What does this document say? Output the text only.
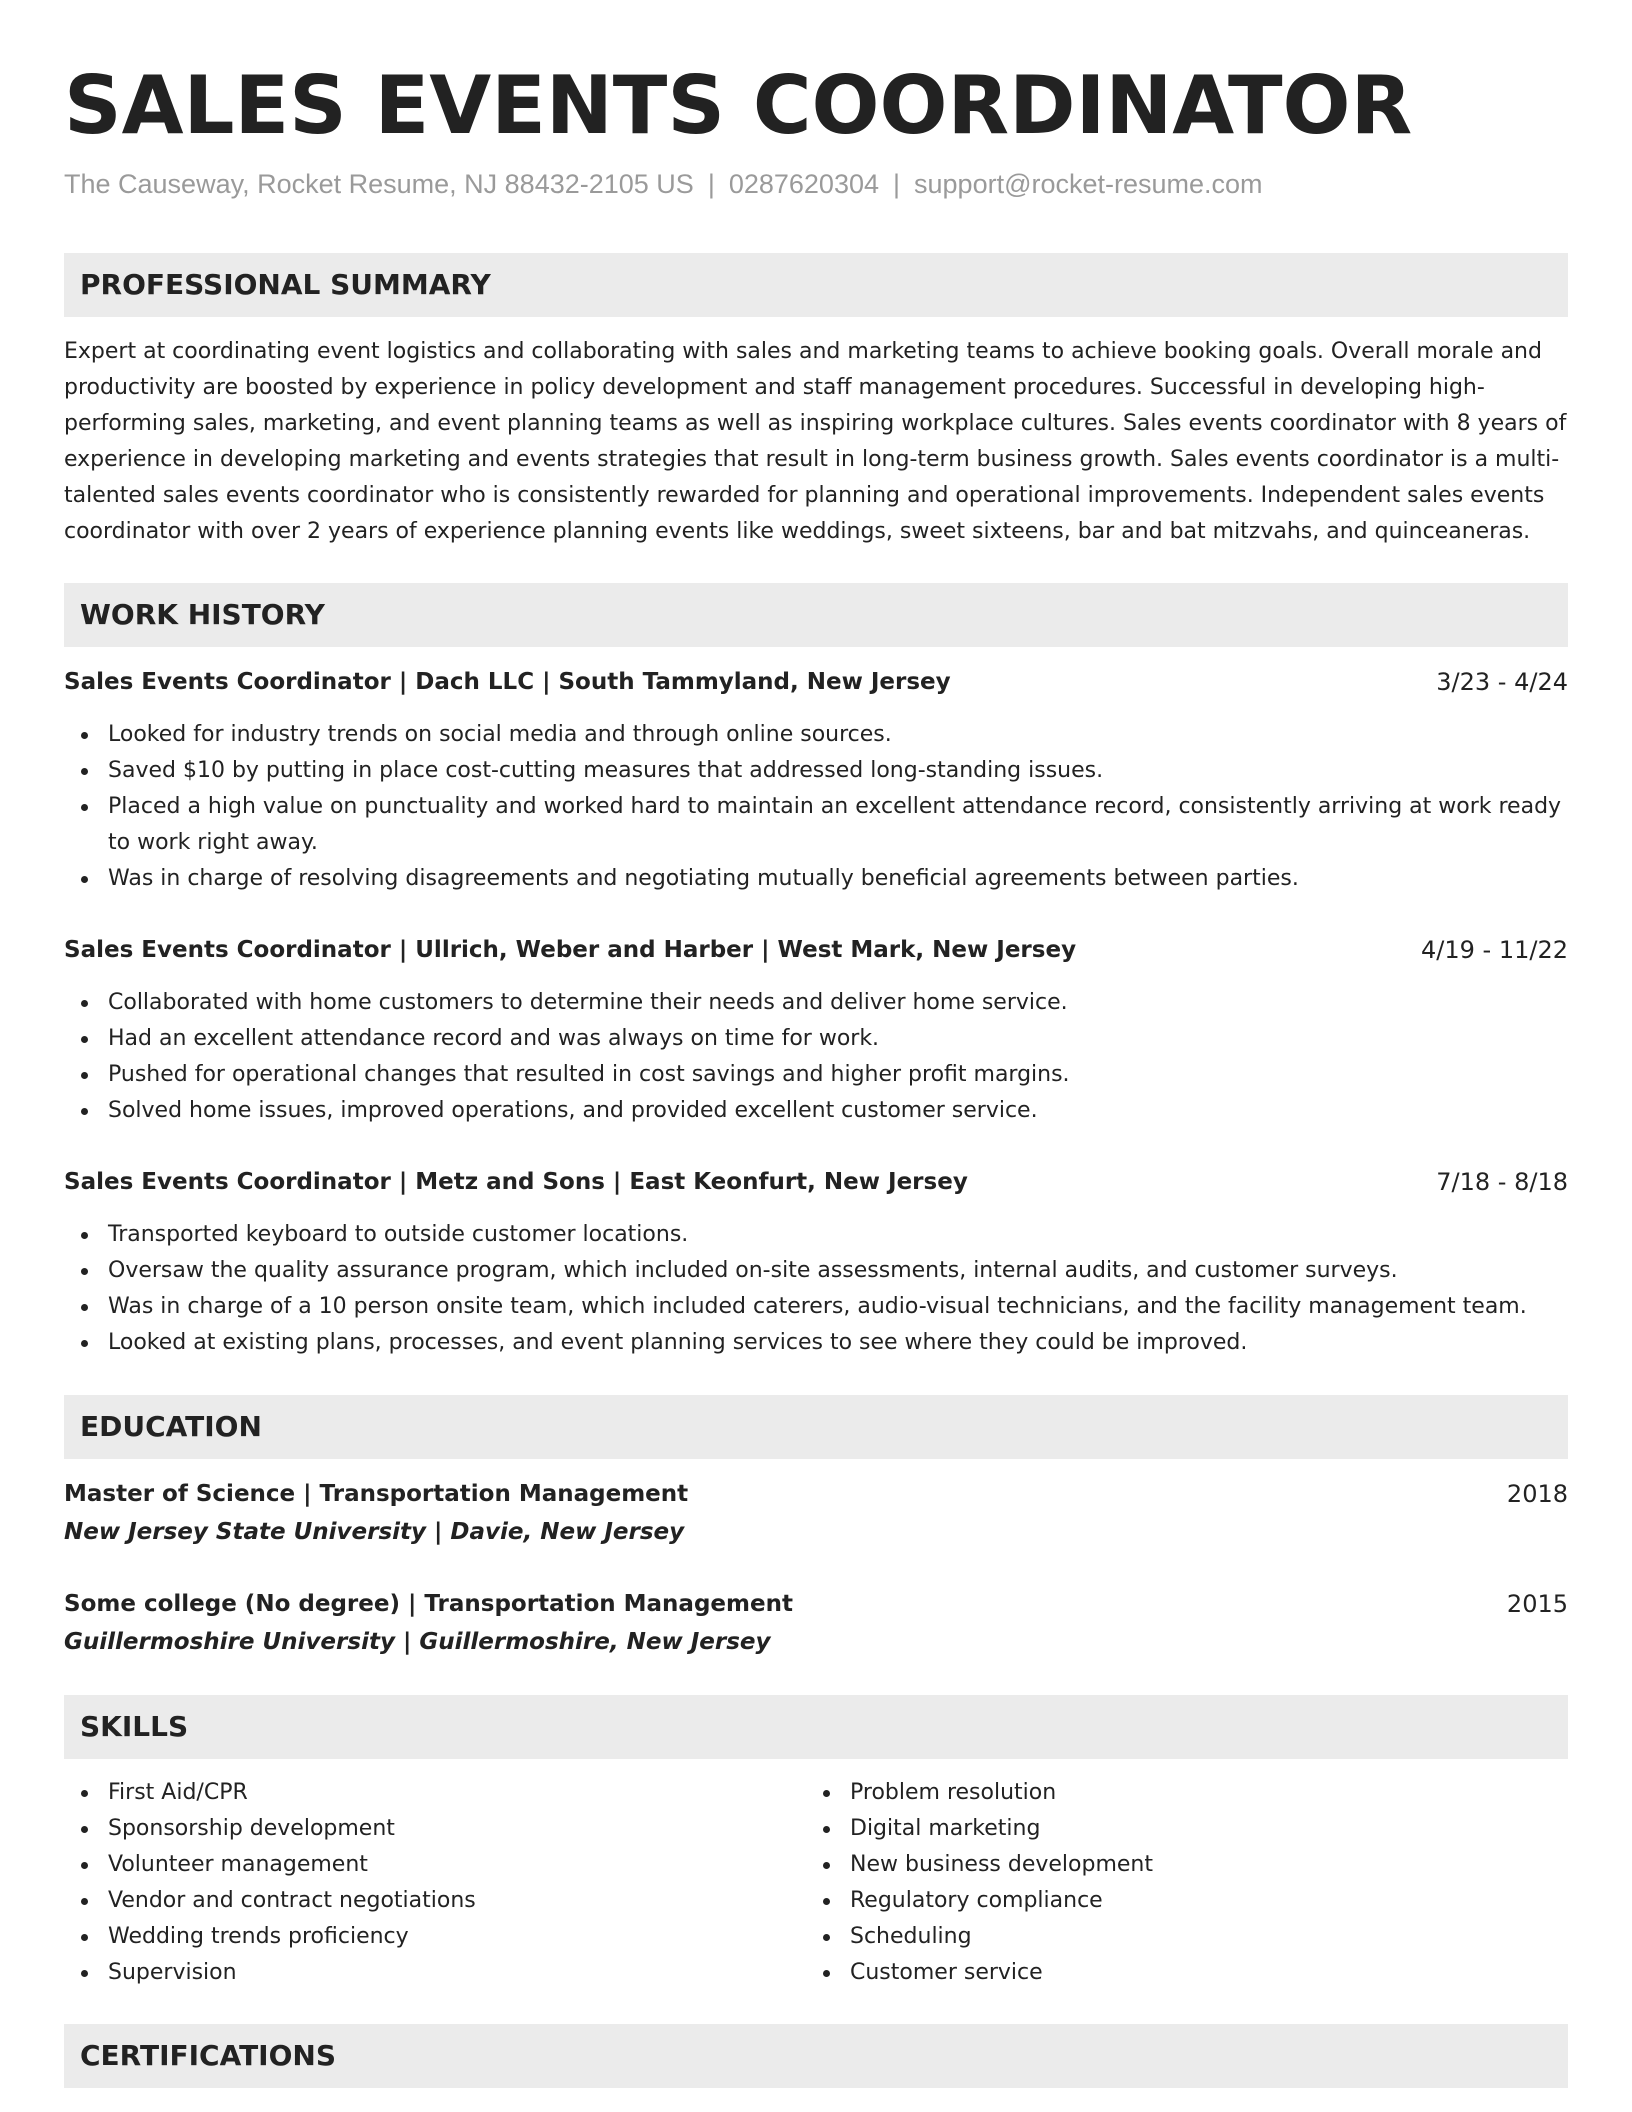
SALES EVENTS COORDINATOR
The Causeway, Rocket Resume, NJ 88432-2105 US | 0287620304 | support@rocket-resume.com
PROFESSIONAL SUMMARY

Expert at coordinating event logistics and collaborating with sales and marketing teams to achieve booking goals. Overall morale and productivity are boosted by experience in policy development and staff management procedures. Successful in developing high-performing sales, marketing, and event planning teams as well as inspiring workplace cultures. Sales events coordinator with 8 years of experience in developing marketing and events strategies that result in long-term business growth. Sales events coordinator is a multi-talented sales events coordinator who is consistently rewarded for planning and operational improvements. Independent sales events coordinator with over 2 years of experience planning events like weddings, sweet sixteens, bar and bat mitzvahs, and quinceaneras.

WORK HISTORY
Sales Events Coordinator | Dach LLC | South Tammyland, New Jersey	3/23 - 4/24
Looked for industry trends on social media and through online sources.
Saved $10 by putting in place cost-cutting measures that addressed long-standing issues.
Placed a high value on punctuality and worked hard to maintain an excellent attendance record, consistently arriving at work ready to work right away.
Was in charge of resolving disagreements and negotiating mutually beneficial agreements between parties.
Sales Events Coordinator | Ullrich, Weber and Harber | West Mark, New Jersey	4/19 - 11/22
Collaborated with home customers to determine their needs and deliver home service.
Had an excellent attendance record and was always on time for work.
Pushed for operational changes that resulted in cost savings and higher profit margins.
Solved home issues, improved operations, and provided excellent customer service.
Sales Events Coordinator | Metz and Sons | East Keonfurt, New Jersey	7/18 - 8/18
Transported keyboard to outside customer locations.
Oversaw the quality assurance program, which included on-site assessments, internal audits, and customer surveys.
Was in charge of a 10 person onsite team, which included caterers, audio-visual technicians, and the facility management team.
Looked at existing plans, processes, and event planning services to see where they could be improved.
EDUCATION
Master of Science | Transportation Management	2018
New Jersey State University | Davie, New Jersey
Some college (No degree) | Transportation Management	2015
Guillermoshire University | Guillermoshire, New Jersey
SKILLS
First Aid/CPR
Sponsorship development
Volunteer management
Vendor and contract negotiations
Wedding trends proficiency
Supervision
Problem resolution
Digital marketing
New business development
Regulatory compliance
Scheduling
Customer service
CERTIFICATIONS
